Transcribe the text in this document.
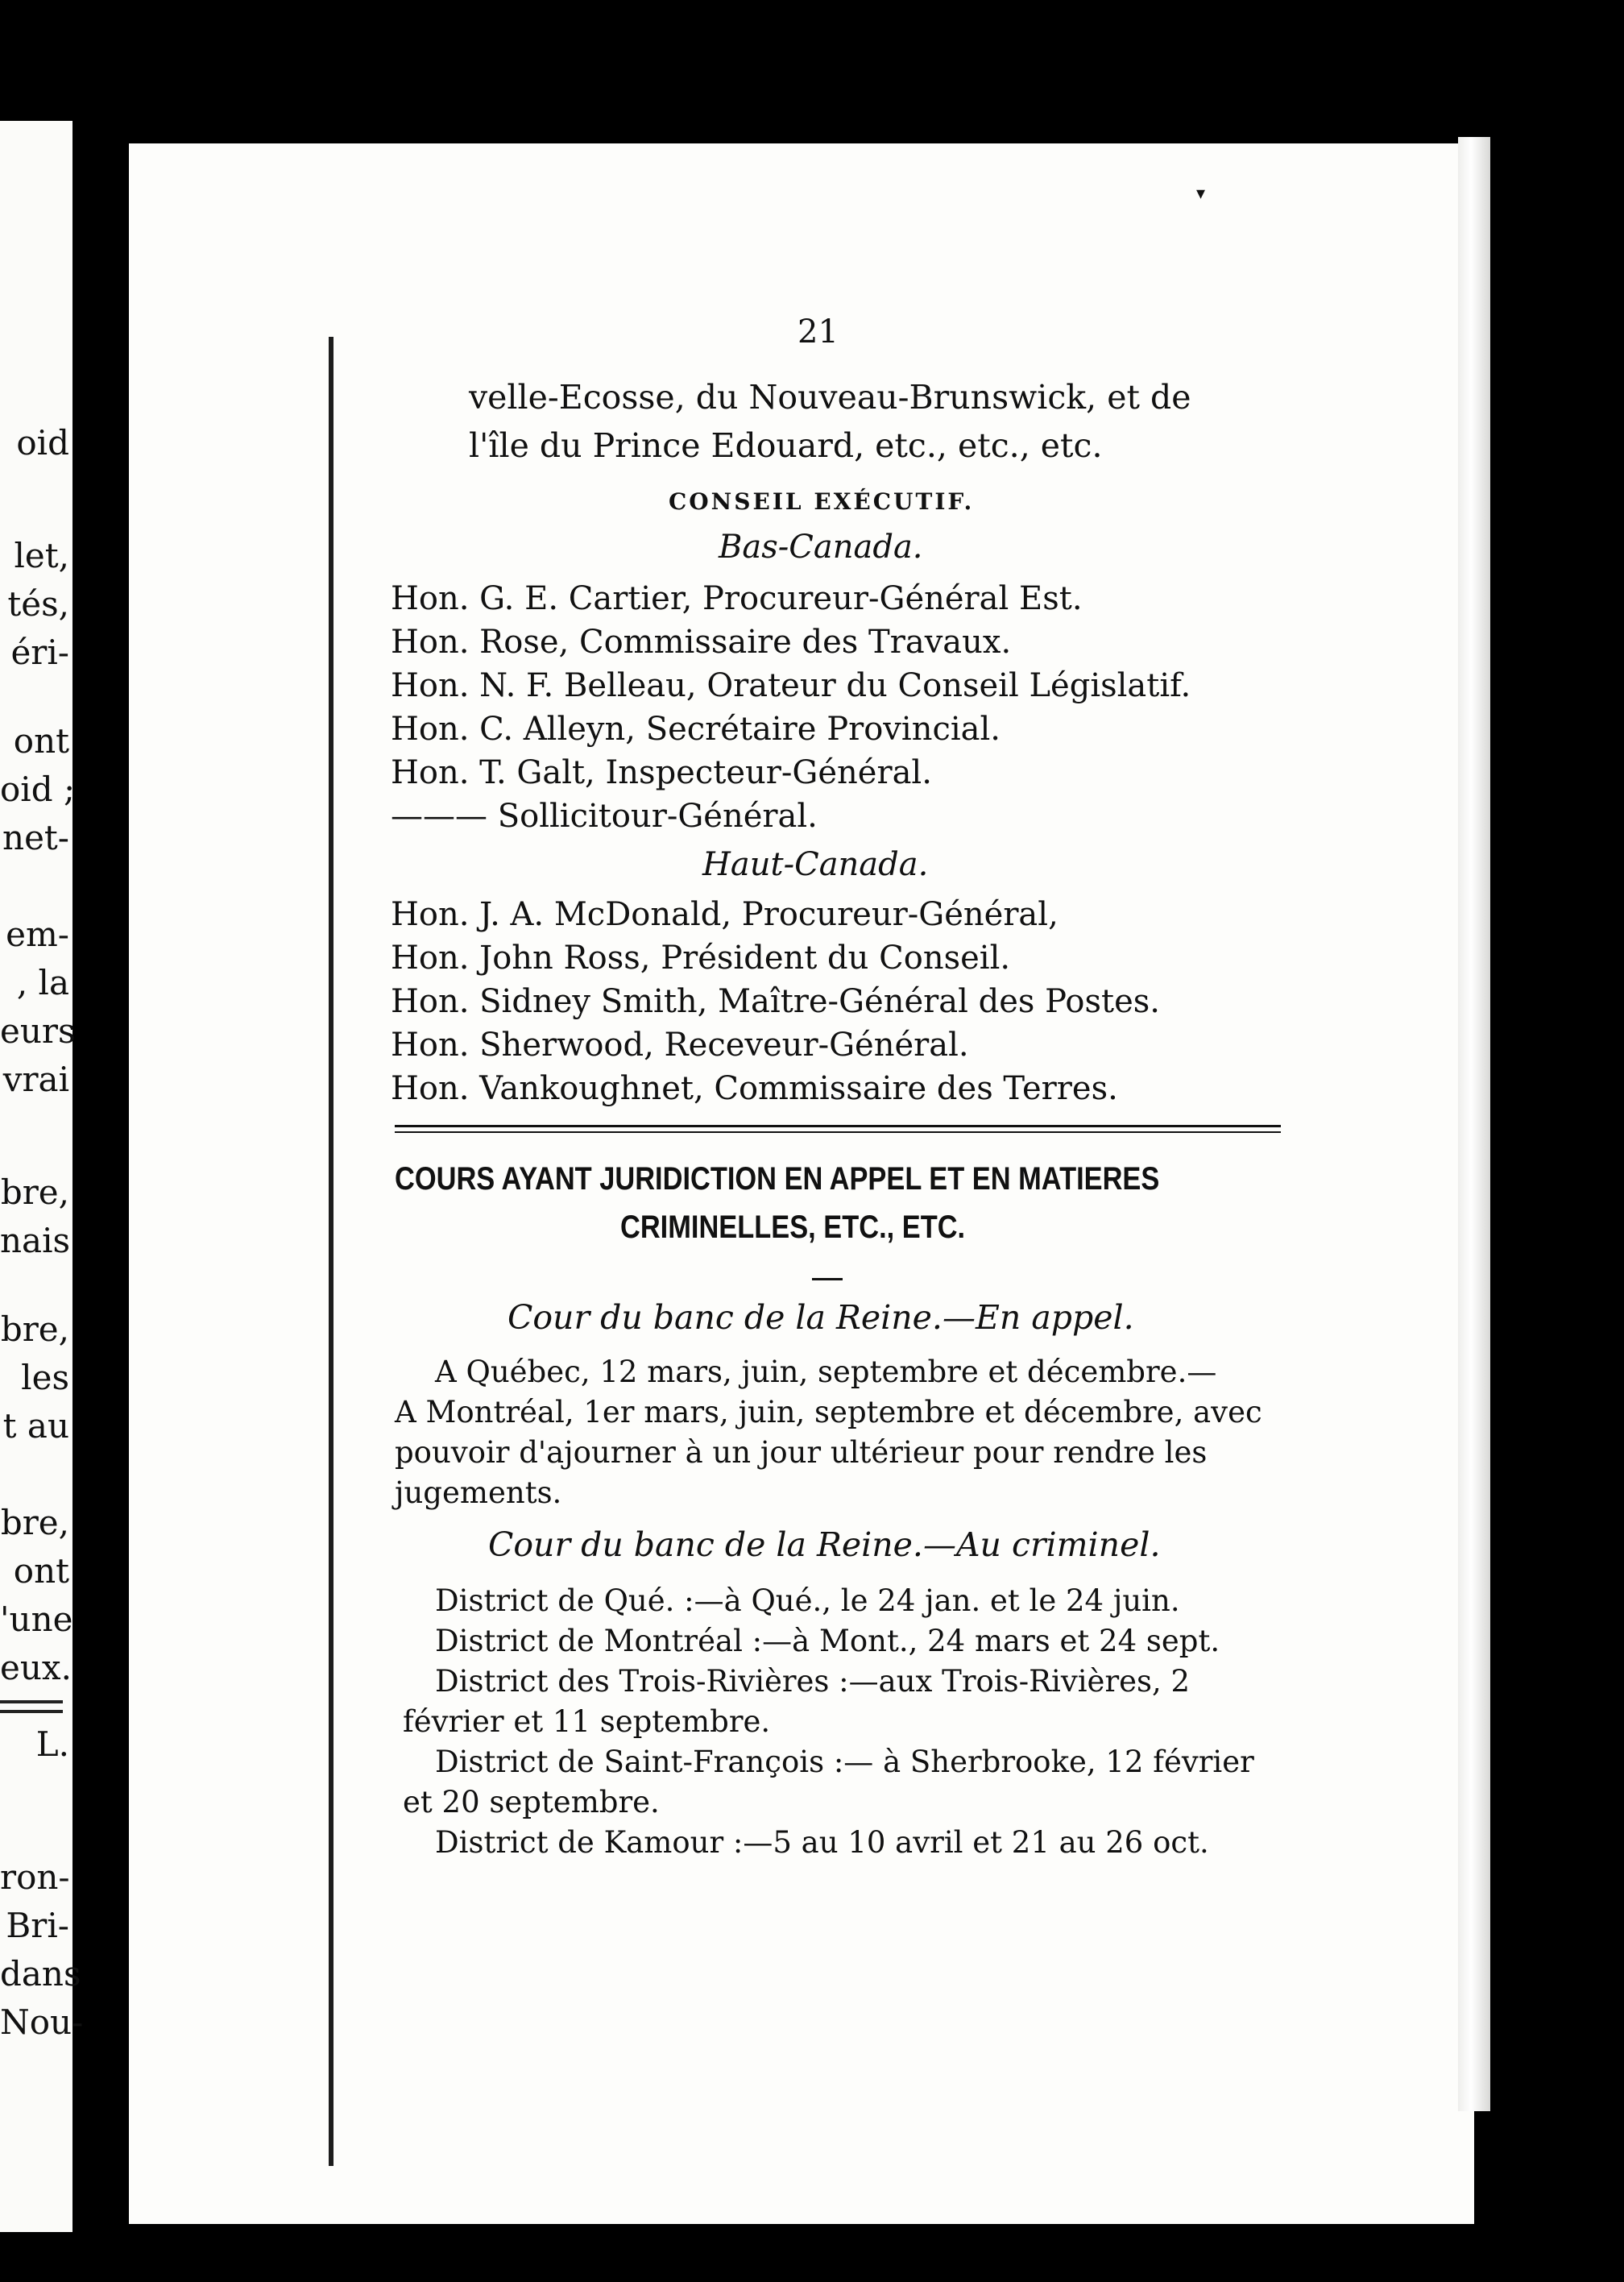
oid
let,
tés,
éri-
ont
oid ;
net-
em-
, la
eurs
vrai
bre,
nais
bre,
les
t au
bre,
ont
'une
eux.
L.
ron-
Bri-
dans
Nou-
▾
21
velle-Ecosse, du Nouveau-Brunswick, et de
l'île du Prince Edouard, etc., etc., etc.
CONSEIL EXÉCUTIF.
Bas-Canada.
Hon. G. E. Cartier, Procureur-Général Est.
Hon. Rose, Commissaire des Travaux.
Hon. N. F. Belleau, Orateur du Conseil Législatif.
Hon. C. Alleyn, Secrétaire Provincial.
Hon. T. Galt, Inspecteur-Général.
——— Sollicitour-Général.
Haut-Canada.
Hon. J. A. McDonald, Procureur-Général,
Hon. John Ross, Président du Conseil.
Hon. Sidney Smith, Maître-Général des Postes.
Hon. Sherwood, Receveur-Général.
Hon. Vankoughnet, Commissaire des Terres.
COURS AYANT JURIDICTION EN APPEL ET EN MATIERES
CRIMINELLES, ETC., ETC.
Cour du banc de la Reine.—En appel.
A Québec, 12 mars, juin, septembre et décembre.—
A Montréal, 1er mars, juin, septembre et décembre, avec
pouvoir d'ajourner à un jour ultérieur pour rendre les
jugements.
Cour du banc de la Reine.—Au criminel.
District de Qué. :—à Qué., le 24 jan. et le 24 juin.
District de Montréal :—à Mont., 24 mars et 24 sept.
District des Trois-Rivières :—aux Trois-Rivières, 2
février et 11 septembre.
District de Saint-François :— à Sherbrooke, 12 février
et 20 septembre.
District de Kamour :—5 au 10 avril et 21 au 26 oct.
